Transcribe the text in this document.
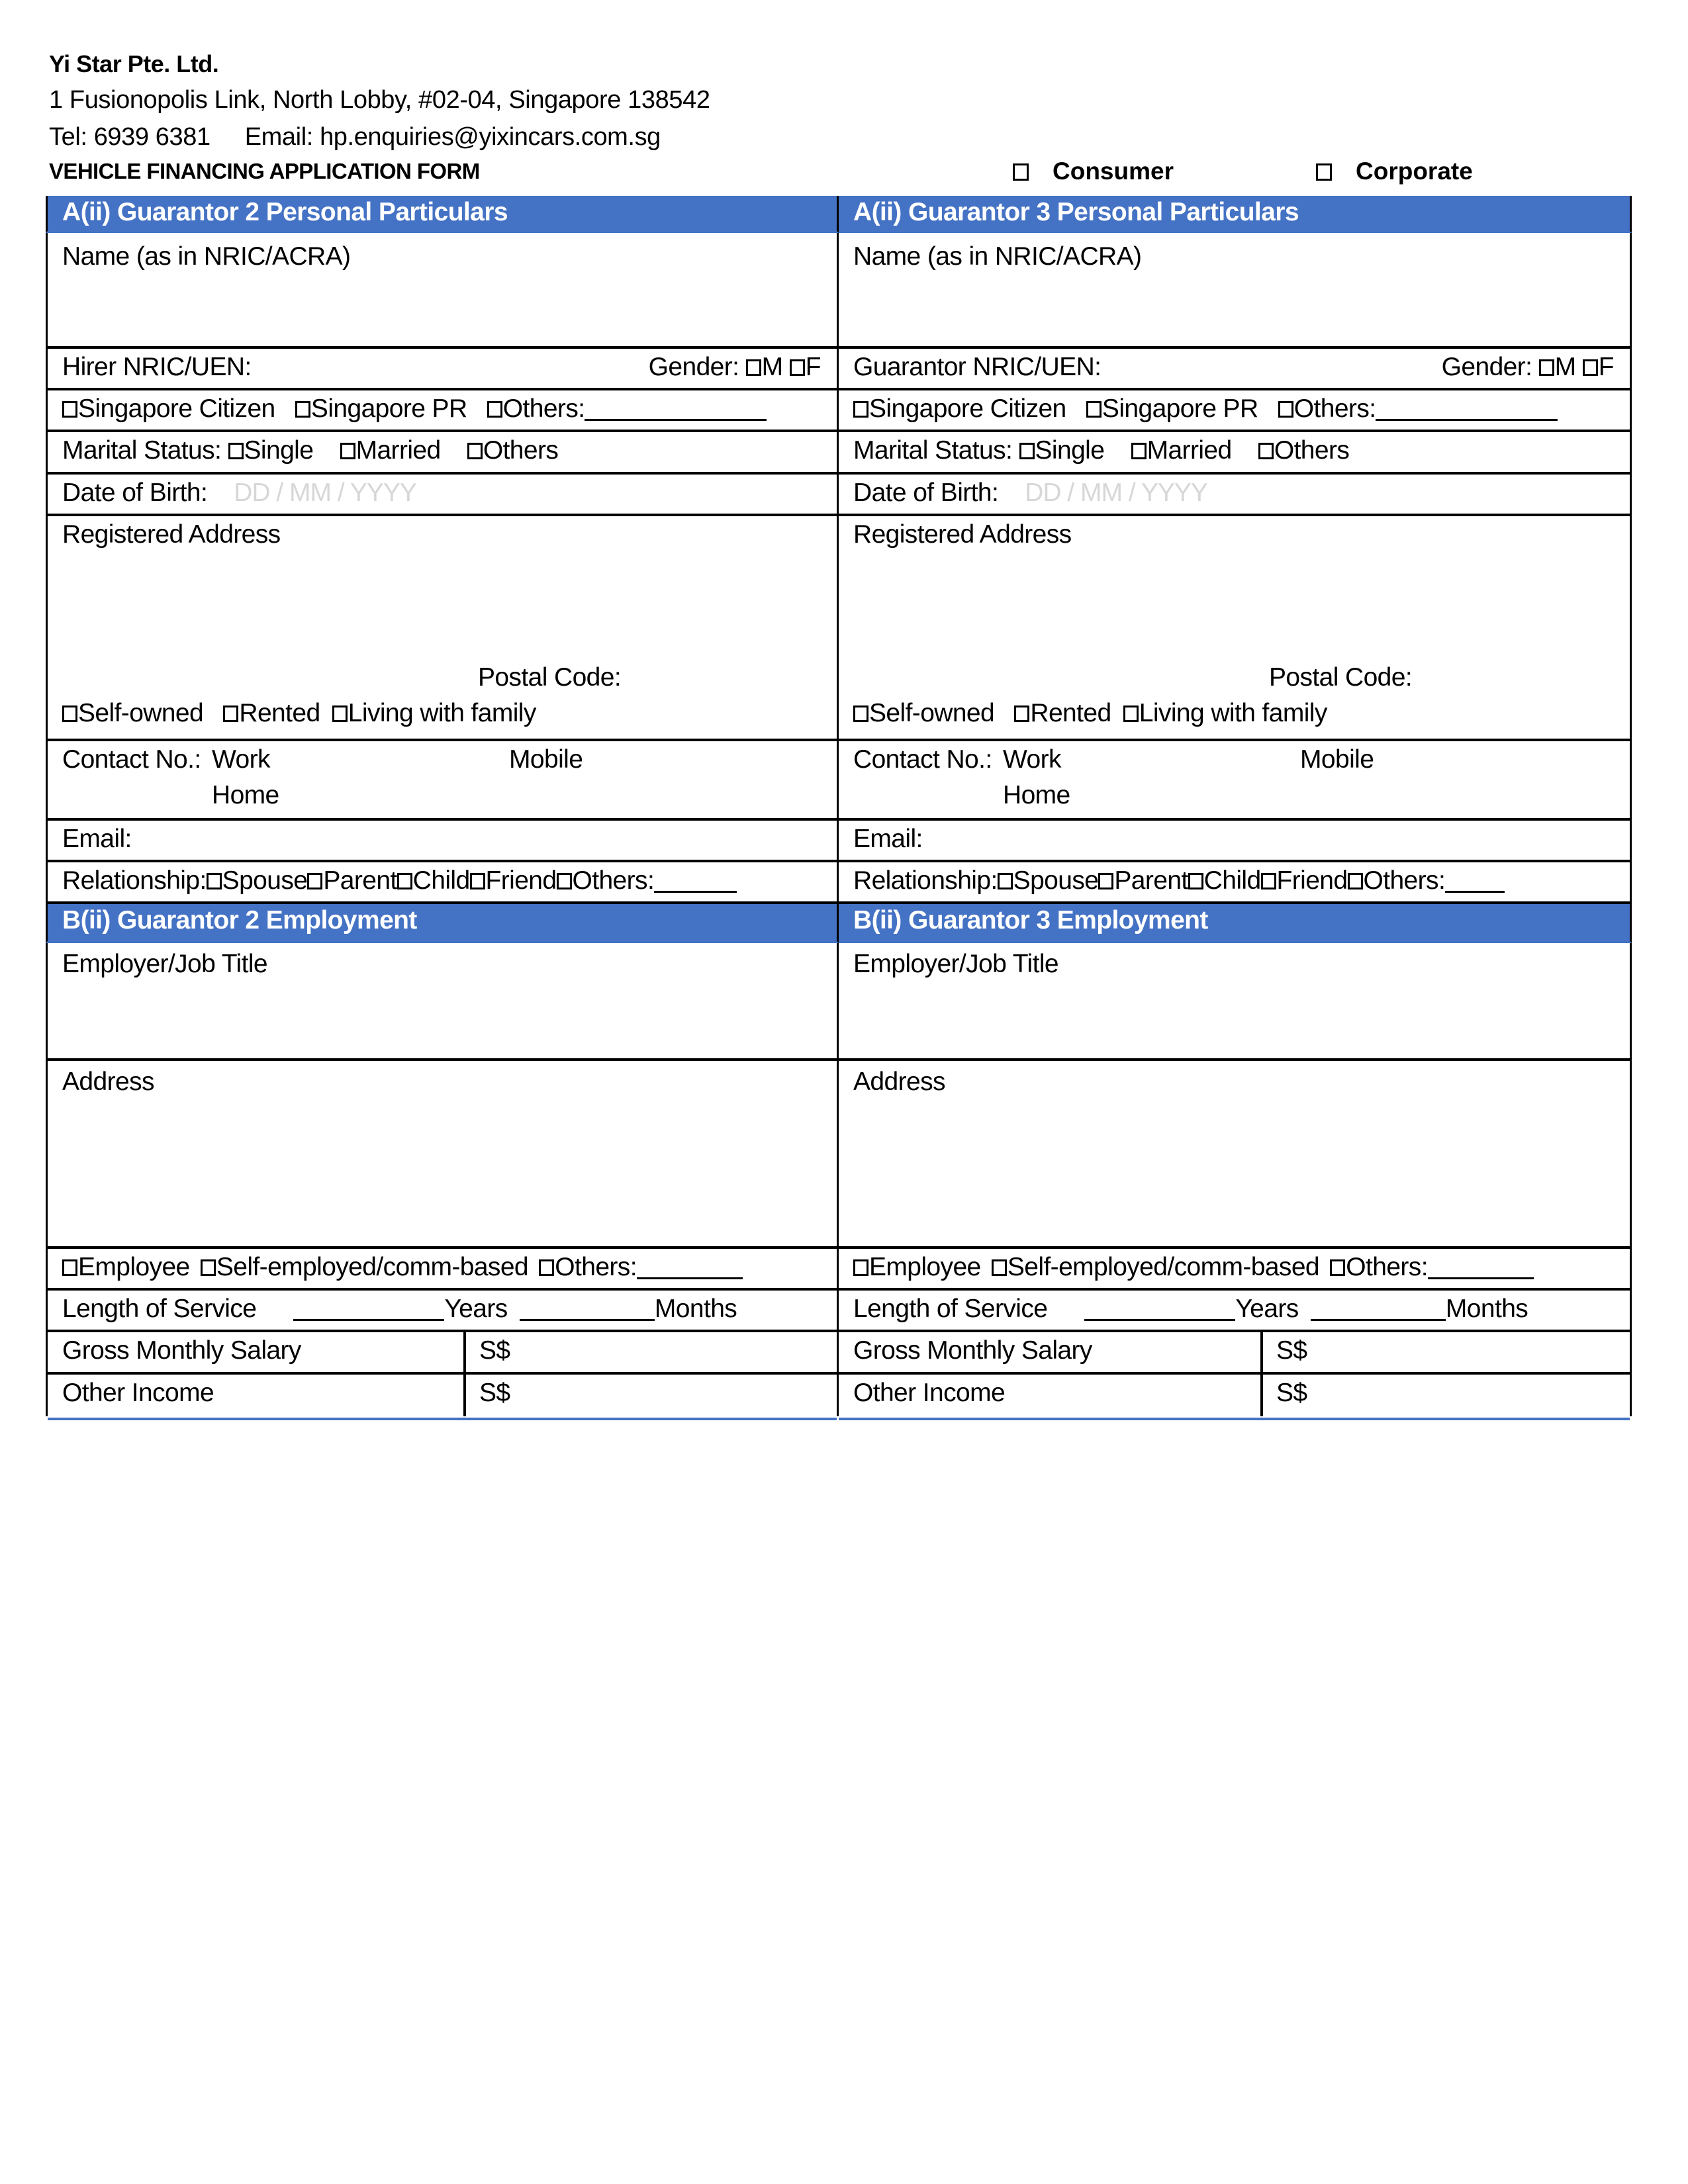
Yi Star Pte. Ltd.
1 Fusionopolis Link, North Lobby, #02-04, Singapore 138542
Tel: 6939 6381 Email: hp.enquiries@yixincars.com.sg
VEHICLE FINANCING APPLICATION FORM	Consumer	Corporate
A(ii) Guarantor 2 Personal Particulars
Name (as in NRIC/ACRA)
Hirer NRIC/UEN:	Gender: M F
Singapore Citizen Singapore PR Others:
Marital Status: Single Married Others
Date of Birth: DD / MM / YYYY
Registered Address
Postal Code:
Self-owned Rented Living with family
Contact No.: Work	Mobile
Home
Email:
Relationship: Spouse Parent Child Friend Others:
B(ii) Guarantor 2 Employment
Employer/Job Title
Address
Employee Self-employed/comm-based Others:
Length of Service	Years	Months
Gross Monthly Salary	S$
Other Income	S$
A(ii) Guarantor 3 Personal Particulars
Name (as in NRIC/ACRA)
Guarantor NRIC/UEN:	Gender: M F
Singapore Citizen Singapore PR Others:
Marital Status: Single Married Others
Date of Birth: DD / MM / YYYY
Registered Address
Postal Code:
Self-owned Rented Living with family
Contact No.: Work	Mobile
Home
Email:
Relationship: Spouse Parent Child Friend Others:
B(ii) Guarantor 3 Employment
Employer/Job Title
Address
Employee Self-employed/comm-based Others:
Length of Service	Years	Months
Gross Monthly Salary	S$
Other Income	S$
